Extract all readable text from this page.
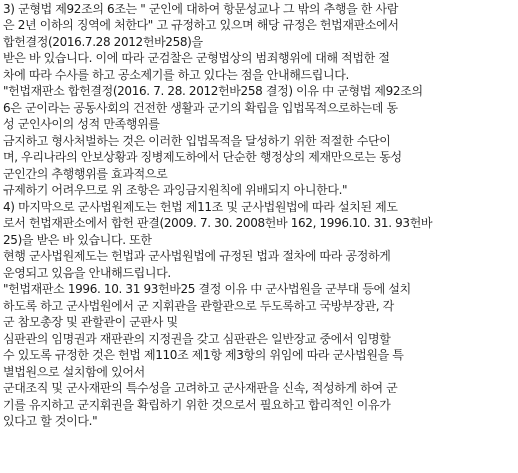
3) 군형법 제92조의 6조는 " 군인에 대하여 항문성교나 그 밖의 추행을 한 사람
은 2년 이하의 징역에 처한다" 고 규정하고 있으며 해당 규정은 헌법재판소에서
합헌결정(2016.7.28 2012헌바258)을
받은 바 있습니다. 이에 따라 군검찰은 군형법상의 범죄행위에 대해 적법한 절
차에 따라 수사를 하고 공소제기를 하고 있다는 점을 안내해드립니다.
"헌법재판소 합헌결정(2016. 7. 28. 2012헌바258 결정) 이유 中 군형법 제92조의
6은 군이라는 공동사회의 건전한 생활과 군기의 확립을 입법목적으로하는데 동
성 군인사이의 성적 만족행위를
금지하고 형사처벌하는 것은 이러한 입법목적을 달성하기 위한 적절한 수단이
며, 우리나라의 안보상황과 징병제도하에서 단순한 행정상의 제재만으로는 동성
군인간의 추행행위를 효과적으로
규제하기 어려우므로 위 조항은 과잉금지원칙에 위배되지 아니한다."
4) 마지막으로 군사법원제도는 헌법 제11조 및 군사법원법에 따라 설치된 제도
로서 헌법재판소에서 합헌 판결(2009. 7. 30. 2008헌바 162, 1996.10. 31. 93헌바
25)을 받은 바 있습니다. 또한
현행 군사법원제도는 헌법과 군사법원법에 규정된 법과 절차에 따라 공정하게
운영되고 있음을 안내해드립니다.
"헌법재판소 1996. 10. 31 93헌바25 결정 이유 中 군사법원을 군부대 등에 설치
하도록 하고 군사법원에서 군 지휘관을 관할관으로 두도록하고 국방부장관, 각
군 참모총장 및 관할관이 군판사 및
심판관의 임명권과 재판관의 지정권을 갖고 심판관은 일반장교 중에서 임명할
수 있도록 규정한 것은 헌법 제110조 제1항 제3항의 위임에 따라 군사법원을 특
별법원으로 설치함에 있어서
군대조직 및 군사재판의 특수성을 고려하고 군사재판을 신속, 적성하게 하여 군
기를 유지하고 군지휘권을 확립하기 위한 것으로서 필요하고 합리적인 이유가
있다고 할 것이다."
